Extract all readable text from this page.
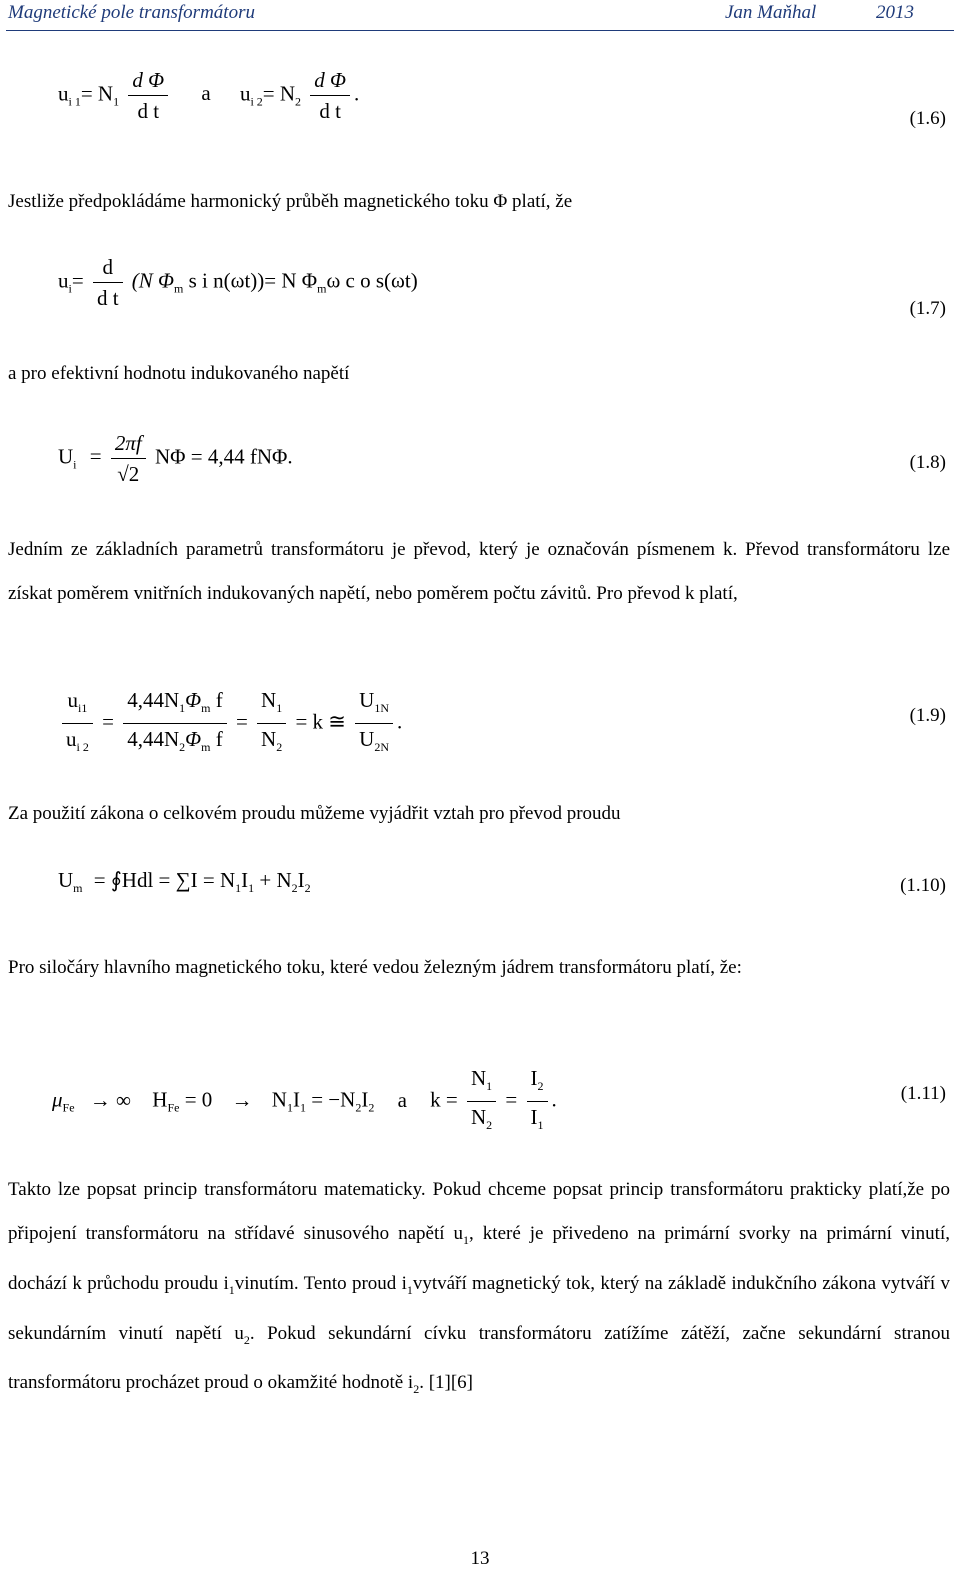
Magnetické pole transformátoru	Jan Maňhal	2013
$u_{i 1}= N_1 \frac{\text{d Φ}}{\text{d t}}$ a $u_{i 2}= N_2 \frac{\text{d Φ}}{\text{d t}}$ .
(1.6)
Jestliže předpokládáme harmonický průběh magnetického toku Φ platí, že
$u_i= \frac{d}{\text{d t}} (N$ $\Phi_m$ s i n(ωt))= N $\Phi_m\omega$ c o s(ωt)
(1.7)
a pro efektivní hodnotu indukovaného napětí
$U_i = \frac{2\pi f}{√2}$ NΦ = 4,44 fNΦ.	(1.8)
Jedním ze základních parametrů transformátoru je převod, který je označován písmenem k. Převod transformátoru lze získat poměrem vnitřních indukovaných napětí, nebo poměrem počtu závitů. Pro převod k platí,
$\frac{u_{i1}}{u_{i 2}} = \frac{4,44N_1\Phi_m f}{4,44N_2\Phi_m f} = \frac{N_1}{N_2} = k$ ≅ $\frac{U_{1N}}{U_{2N}}$ .	(1.9)
Za použití zákona o celkovém proudu můžeme vyjádřit vztah pro převod proudu
$U_m$ = ∮Hdl = $\sum I = N_1I_1 + N_2I_2$	(1.10)
Pro siločáry hlavního magnetického toku, které vedou železným jádrem transformátoru platí, že:
$\mu_{Fe}$ → ∞ $H_{Fe} = 0 \to N_1I_1 = -N_2I_2$ a $k = \frac{N_1}{N_2} = \frac{I_2}{I_1}$ .	(1.11)
Takto lze popsat princip transformátoru matematicky. Pokud chceme popsat princip transformátoru prakticky platí,že po připojení transformátoru na střídavé sinusového napětí $u_1$, které je přivedeno na primární svorky na primární vinutí, dochází k průchodu proudu $i_1vinutím$. Tento proud $i_1vytváří$ magnetický tok, který na základě indukčního zákona vytváří v sekundárním vinutí napětí $u_2$. Pokud sekundární cívku transformátoru zatížíme zátěží, začne sekundární stranou transformátoru procházet proud o okamžité hodnotě $i_2$. [1][6]
13
